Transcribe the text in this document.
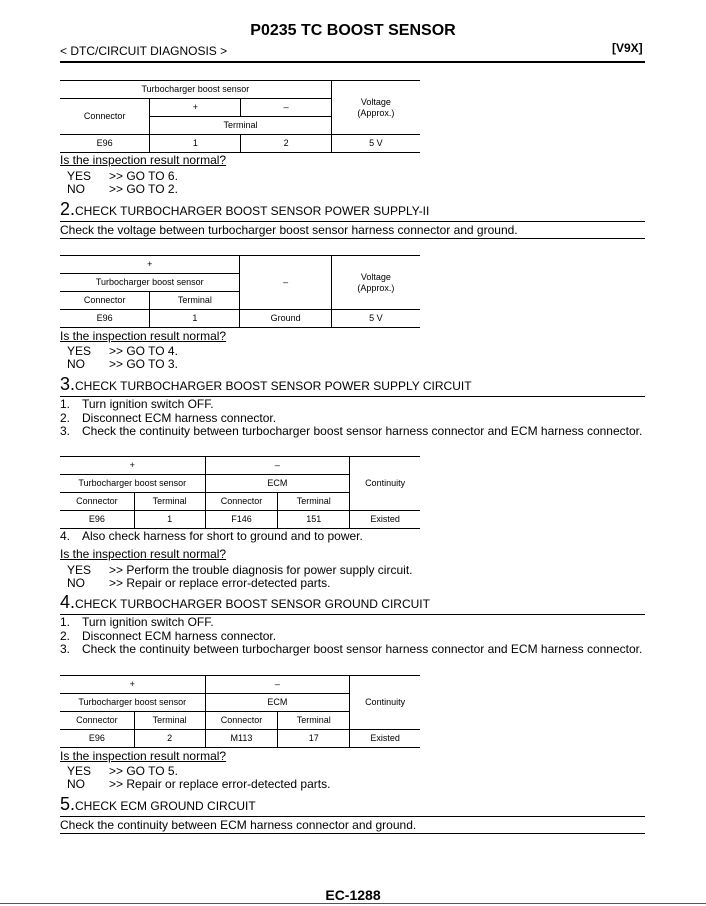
P0235 TC BOOST SENSOR
< DTC/CIRCUIT DIAGNOSIS >	[V9X]
Turbocharger boost sensor			Voltage
(Approx.)
Connector	+	–	
	Terminal		
E96	1	2	5 V
Is the inspection result normal?
YES >> GO TO 6.
NO >> GO TO 2.
2.CHECK TURBOCHARGER BOOST SENSOR POWER SUPPLY-II
Check the voltage between turbocharger boost sensor harness connector and ground.
+		–	Voltage
(Approx.)
Turbocharger boost sensor			
Connector	Terminal		
E96	1	Ground	5 V
Is the inspection result normal?
YES >> GO TO 4.
NO >> GO TO 3.
3.CHECK TURBOCHARGER BOOST SENSOR POWER SUPPLY CIRCUIT
1. Turn ignition switch OFF.
2. Disconnect ECM harness connector.
3. Check the continuity between turbocharger boost sensor harness connector and ECM harness connector.
+		–		Continuity
Turbocharger boost sensor		ECM		
Connector	Terminal	Connector	Terminal	
E96	1	F146	151	Existed
4. Also check harness for short to ground and to power.
Is the inspection result normal?
YES >> Perform the trouble diagnosis for power supply circuit.
NO >> Repair or replace error-detected parts.
4.CHECK TURBOCHARGER BOOST SENSOR GROUND CIRCUIT
1. Turn ignition switch OFF.
2. Disconnect ECM harness connector.
3. Check the continuity between turbocharger boost sensor harness connector and ECM harness connector.
+		–		Continuity
Turbocharger boost sensor		ECM		
Connector	Terminal	Connector	Terminal	
E96	2	M113	17	Existed
Is the inspection result normal?
YES >> GO TO 5.
NO >> Repair or replace error-detected parts.
5.CHECK ECM GROUND CIRCUIT
Check the continuity between ECM harness connector and ground.
EC-1288
